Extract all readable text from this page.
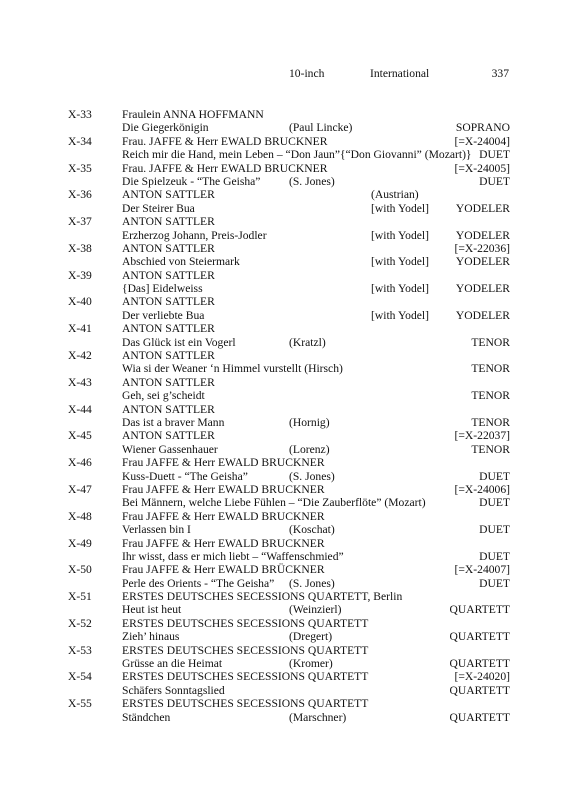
10-inch	International	337
X-33	Fraulein ANNA HOFFMANN
Die Giegerkönigin	(Paul Lincke)	SOPRANO
X-34	Frau. JAFFE & Herr EWALD BRUCKNER	[=X-24004]
Reich mir die Hand, mein Leben – “Don Jaun”{“Don Giovanni” (Mozart)} DUET
X-35	Frau. JAFFE & Herr EWALD BRUCKNER	[=X-24005]
Die Spielzeuk - “The Geisha” (S. Jones)	DUET
X-36	ANTON SATTLER	(Austrian)
Der Steirer Bua	[with Yodel] YODELER
X-37	ANTON SATTLER
Erzherzog Johann, Preis-Jodler	[with Yodel] YODELER
X-38	ANTON SATTLER	[=X-22036]
Abschied von Steiermark	[with Yodel] YODELER
X-39	ANTON SATTLER
{Das] Eidelweiss	[with Yodel] YODELER
X-40	ANTON SATTLER
Der verliebte Bua	[with Yodel] YODELER
X-41	ANTON SATTLER
Das Glück ist ein Vogerl	(Kratzl)	TENOR
X-42	ANTON SATTLER
Wia si der Weaner ‘n Himmel vurstellt (Hirsch)	TENOR
X-43	ANTON SATTLER
Geh, sei g’scheidt	TENOR
X-44	ANTON SATTLER
Das ist a braver Mann	(Hornig)	TENOR
X-45	ANTON SATTLER	[=X-22037]
Wiener Gassenhauer	(Lorenz)	TENOR
X-46	Frau JAFFE & Herr EWALD BRUCKNER
Kuss-Duett - “The Geisha”	(S. Jones)	DUET
X-47	Frau JAFFE & Herr EWALD BRUCKNER	[=X-24006]
Bei Männern, welche Liebe Fühlen – “Die Zauberflöte” (Mozart)	DUET
X-48	Frau JAFFE & Herr EWALD BRUCKNER
Verlassen bin I	(Koschat)	DUET
X-49	Frau JAFFE & Herr EWALD BRUCKNER
Ihr wisst, dass er mich liebt – “Waffenschmied”	DUET
X-50	Frau JAFFE & Herr EWALD BRÜCKNER	[=X-24007]
Perle des Orients - “The Geisha” (S. Jones)	DUET
X-51	ERSTES DEUTSCHES SECESSIONS QUARTETT, Berlin
Heut ist heut	(Weinzierl)	QUARTETT
X-52	ERSTES DEUTSCHES SECESSIONS QUARTETT
Zieh’ hinaus	(Dregert)	QUARTETT
X-53	ERSTES DEUTSCHES SECESSIONS QUARTETT
Grüsse an die Heimat	(Kromer)	QUARTETT
X-54	ERSTES DEUTSCHES SECESSIONS QUARTETT	[=X-24020]
Schäfers Sonntagslied	QUARTETT
X-55	ERSTES DEUTSCHES SECESSIONS QUARTETT
Ständchen	(Marschner)	QUARTETT
